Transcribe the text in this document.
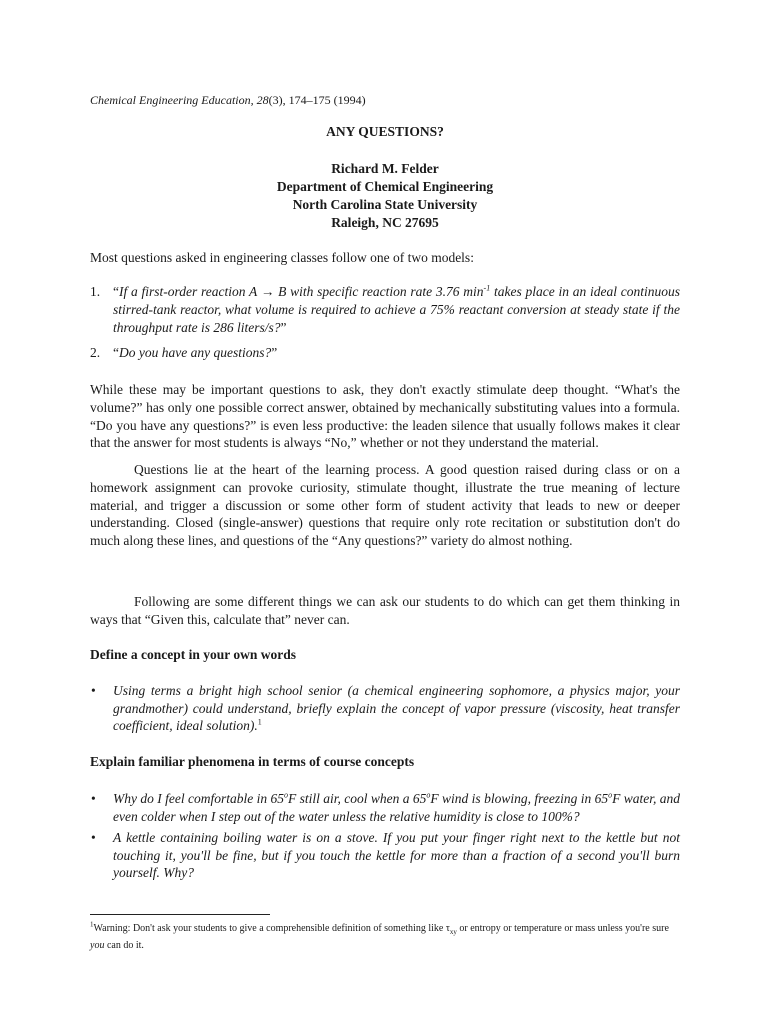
Chemical Engineering Education, 28(3), 174–175 (1994)
ANY QUESTIONS?
Richard M. Felder
Department of Chemical Engineering
North Carolina State University
Raleigh, NC 27695

Most questions asked in engineering classes follow one of two models:

1. “If a first-order reaction A → B with specific reaction rate 3.76 $\min^{-1}$ takes place in an ideal continuous stirred-tank reactor, what volume is required to achieve a 75% reactant conversion at steady state if the throughput rate is 286 liters/s?”
2. “Do you have any questions?”

While these may be important questions to ask, they don't exactly stimulate deep thought. “What's the volume?” has only one possible correct answer, obtained by mechanically substituting values into a formula. “Do you have any questions?” is even less productive: the leaden silence that usually follows makes it clear that the answer for most students is always “No,” whether or not they understand the material.

Questions lie at the heart of the learning process. A good question raised during class or on a homework assignment can provoke curiosity, stimulate thought, illustrate the true meaning of lecture material, and trigger a discussion or some other form of student activity that leads to new or deeper understanding. Closed (single-answer) questions that require only rote recitation or substitution don't do much along these lines, and questions of the “Any questions?” variety do almost nothing.

Following are some different things we can ask our students to do which can get them thinking in ways that “Given this, calculate that” never can.

Define a concept in your own words
• Using terms a bright high school senior (a chemical engineering sophomore, a physics major, your grandmother) could understand, briefly explain the concept of vapor pressure (viscosity, heat transfer coefficient, ideal solution).$^1$
Explain familiar phenomena in terms of course concepts
• Why do I feel comfortable in 65$^o$F still air, cool when a 65$^o$F wind is blowing, freezing in 65$^o$F water, and even colder when I step out of the water unless the relative humidity is close to 100%?
• A kettle containing boiling water is on a stove. If you put your finger right next to the kettle but not touching it, you'll be fine, but if you touch the kettle for more than a fraction of a second you'll burn yourself. Why?

$^1$Warning: Don't ask your students to give a comprehensible definition of something like $\tau_{xy}$ or entropy or temperature or mass unless you're sure you can do it.
